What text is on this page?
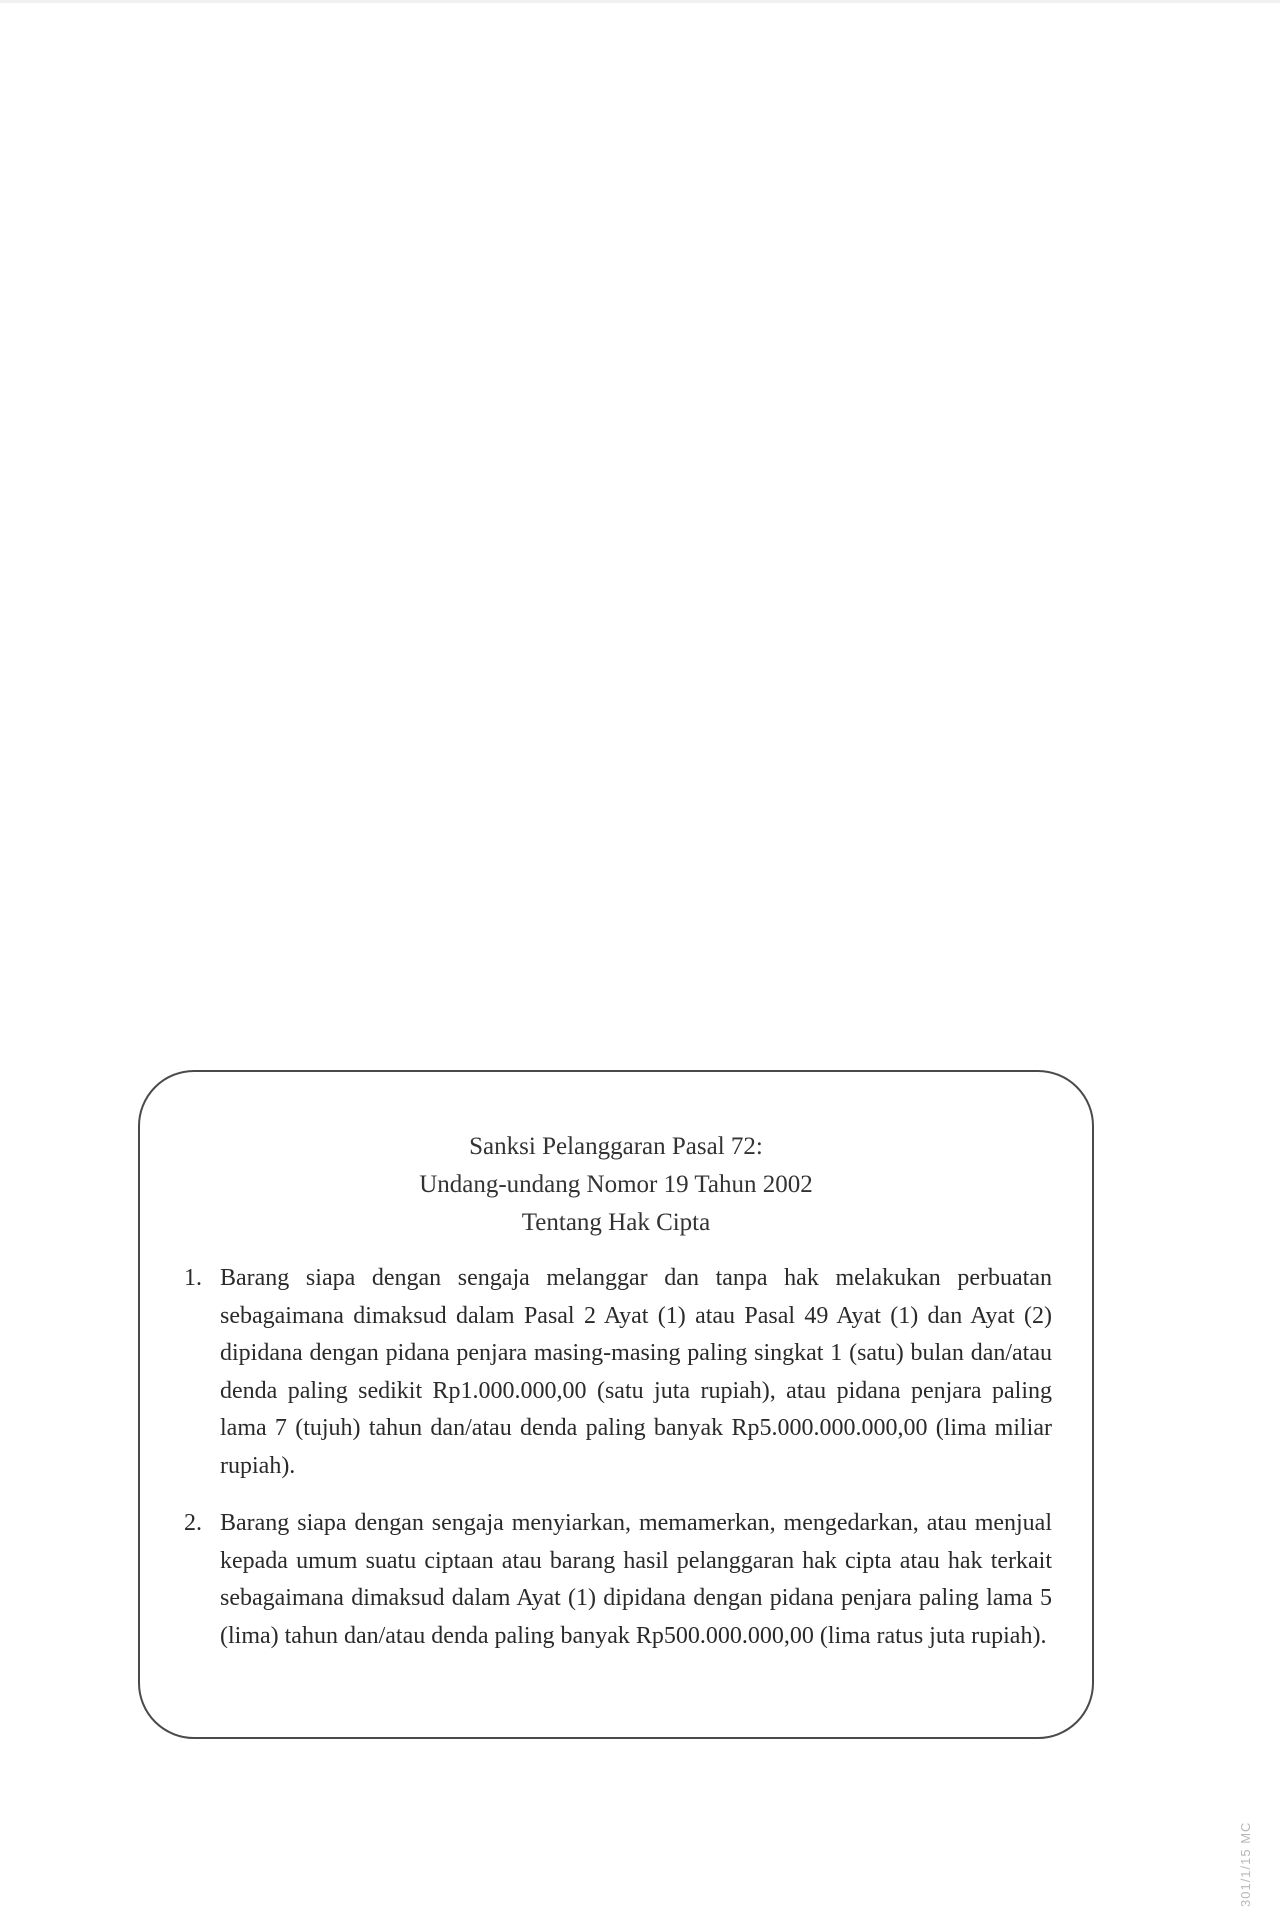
Sanksi Pelanggaran Pasal 72:
Undang-undang Nomor 19 Tahun 2002
Tentang Hak Cipta
1. Barang siapa dengan sengaja melanggar dan tanpa hak melakukan perbuatan sebagaimana dimaksud dalam Pasal 2 Ayat (1) atau Pasal 49 Ayat (1) dan Ayat (2) dipidana dengan pidana penjara masing-masing paling singkat 1 (satu) bulan dan/atau denda paling sedikit Rp1.000.000,00 (satu juta rupiah), atau pidana penjara paling lama 7 (tujuh) tahun dan/atau denda paling banyak Rp5.000.000.000,00 (lima miliar rupiah).
2. Barang siapa dengan sengaja menyiarkan, memamerkan, mengedarkan, atau menjual kepada umum suatu ciptaan atau barang hasil pelanggaran hak cipta atau hak terkait sebagaimana dimaksud dalam Ayat (1) dipidana dengan pidana penjara paling lama 5 (lima) tahun dan/atau denda paling banyak Rp500.000.000,00 (lima ratus juta rupiah).
301/1/15 MC
